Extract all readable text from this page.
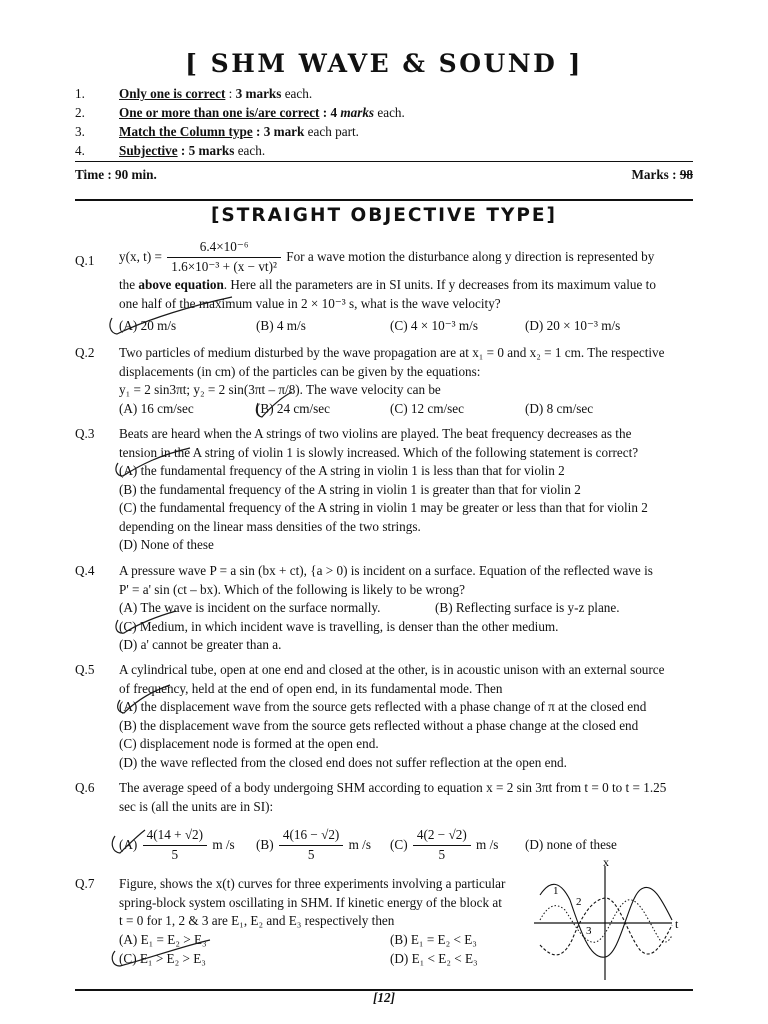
[ SHM WAVE & SOUND ]
1.	Only one is correct : 3 marks each.
2.	One or more than one is/are correct : 4 marks each.
3.	Match the Column type : 3 mark each part.
4.	Subjective : 5 marks each.
Time : 90 min.	Marks : 98
[STRAIGHT OBJECTIVE TYPE]
Q.1	y(x, $t) = \frac{\text{6.4×10⁻⁶}}{\text{1.6×10⁻³ + (x − vt)²}}$ For a wave motion the disturbance along y direction is represented by
the above equation. Here all the parameters are in SI units. If y decreases from its maximum value to
one half of the maximum value in 2 × 10⁻³ s, what is the wave velocity?
(A) 20 m/s	(B) 4 m/s	(C) 4 × 10⁻³ m/s	(D) 20 × 10⁻³ m/s
Q.2	Two particles of medium disturbed by the wave propagation are at x₁ = 0 and x₂ = 1 cm. The respective
displacements (in cm) of the particles can be given by the equations:
y₁ = 2 sin3πt; y₂ = 2 sin(3πt – π/8). The wave velocity can be
(A) 16 cm/sec	(B) 24 cm/sec	(C) 12 cm/sec	(D) 8 cm/sec
Q.3	Beats are heard when the A strings of two violins are played. The beat frequency decreases as the
tension in the A string of violin 1 is slowly increased. Which of the following statement is correct?
(A) the fundamental frequency of the A string in violin 1 is less than that for violin 2
(B) the fundamental frequency of the A string in violin 1 is greater than that for violin 2
(C) the fundamental frequency of the A string in violin 1 may be greater or less than that for violin 2
depending on the linear mass densities of the two strings.
(D) None of these
Q.4	A pressure wave P = a sin (bx + ct), {a > 0) is incident on a surface. Equation of the reflected wave is
P' = a' sin (ct – bx). Which of the following is likely to be wrong?
(A) The wave is incident on the surface normally.	(B) Reflecting surface is y-z plane.
(C) Medium, in which incident wave is travelling, is denser than the other medium.
(D) a' cannot be greater than a.
Q.5	A cylindrical tube, open at one end and closed at the other, is in acoustic unison with an external source
of frequency, held at the end of open end, in its fundamental mode. Then
(A) the displacement wave from the source gets reflected with a phase change of π at the closed end
(B) the displacement wave from the source gets reflected without a phase change at the closed end
(C) displacement node is formed at the open end.
(D) the wave reflected from the closed end does not suffer reflection at the open end.
Q.6	The average speed of a body undergoing SHM according to equation x = 2 sin 3πt from t = 0 to t = 1.25
sec is (all the units are in SI):
$(A) \frac{4(14 + √2)}{5}$ m /s $(B) \frac{4(16 - √2)}{5}$ m /s $(C) \frac{4(2 - √2)}{5}$ m /s (D) none of these
Q.7	Figure, shows the x(t) curves for three experiments involving a particular
spring-block system oscillating in SHM. If kinetic energy of the block at
t = 0 for 1, 2 & 3 are E₁, E₂ and E₃ respectively then
(A) E₁ = E₂ > E₃	(B) E₁ = E₂ < E₃
(C) E₁ > E₂ > E₃	(D) E₁ < E₂ < E₃
x
t
1
2
3
[12]
